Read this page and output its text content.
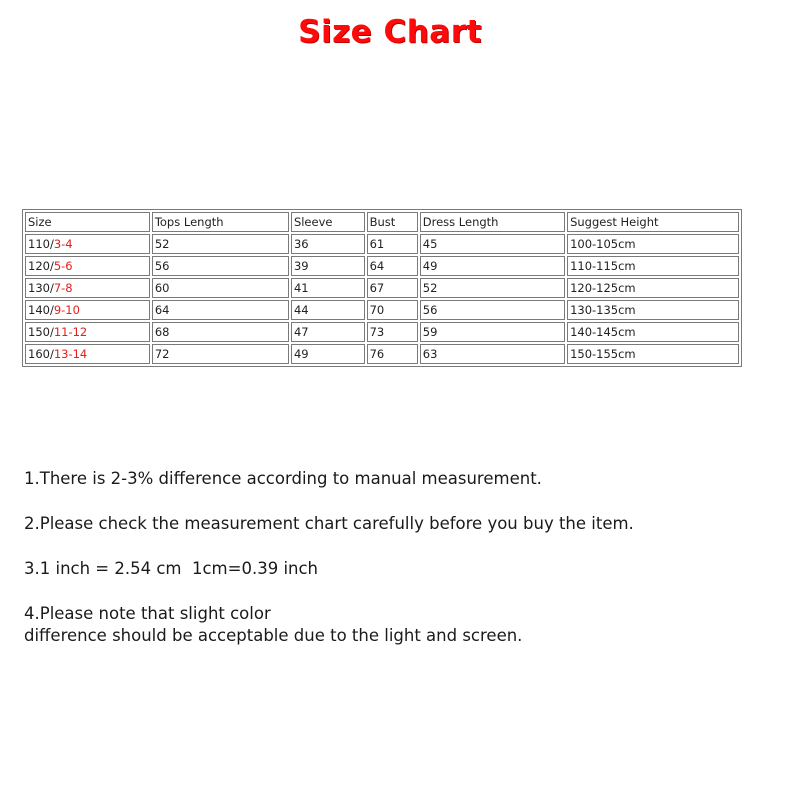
Size Chart
Size	Tops Length	Sleeve	Bust	Dress Length	Suggest Height
110/3-4	52	36	61	45	100-105cm
120/5-6	56	39	64	49	110-115cm
130/7-8	60	41	67	52	120-125cm
140/9-10	64	44	70	56	130-135cm
150/11-12	68	47	73	59	140-145cm
160/13-14	72	49	76	63	150-155cm

1.There is 2-3% difference according to manual measurement.

2.Please check the measurement chart carefully before you buy the item.

3.1 inch = 2.54 cm  1cm=0.39 inch

4.Please note that slight color
difference should be acceptable due to the light and screen.
